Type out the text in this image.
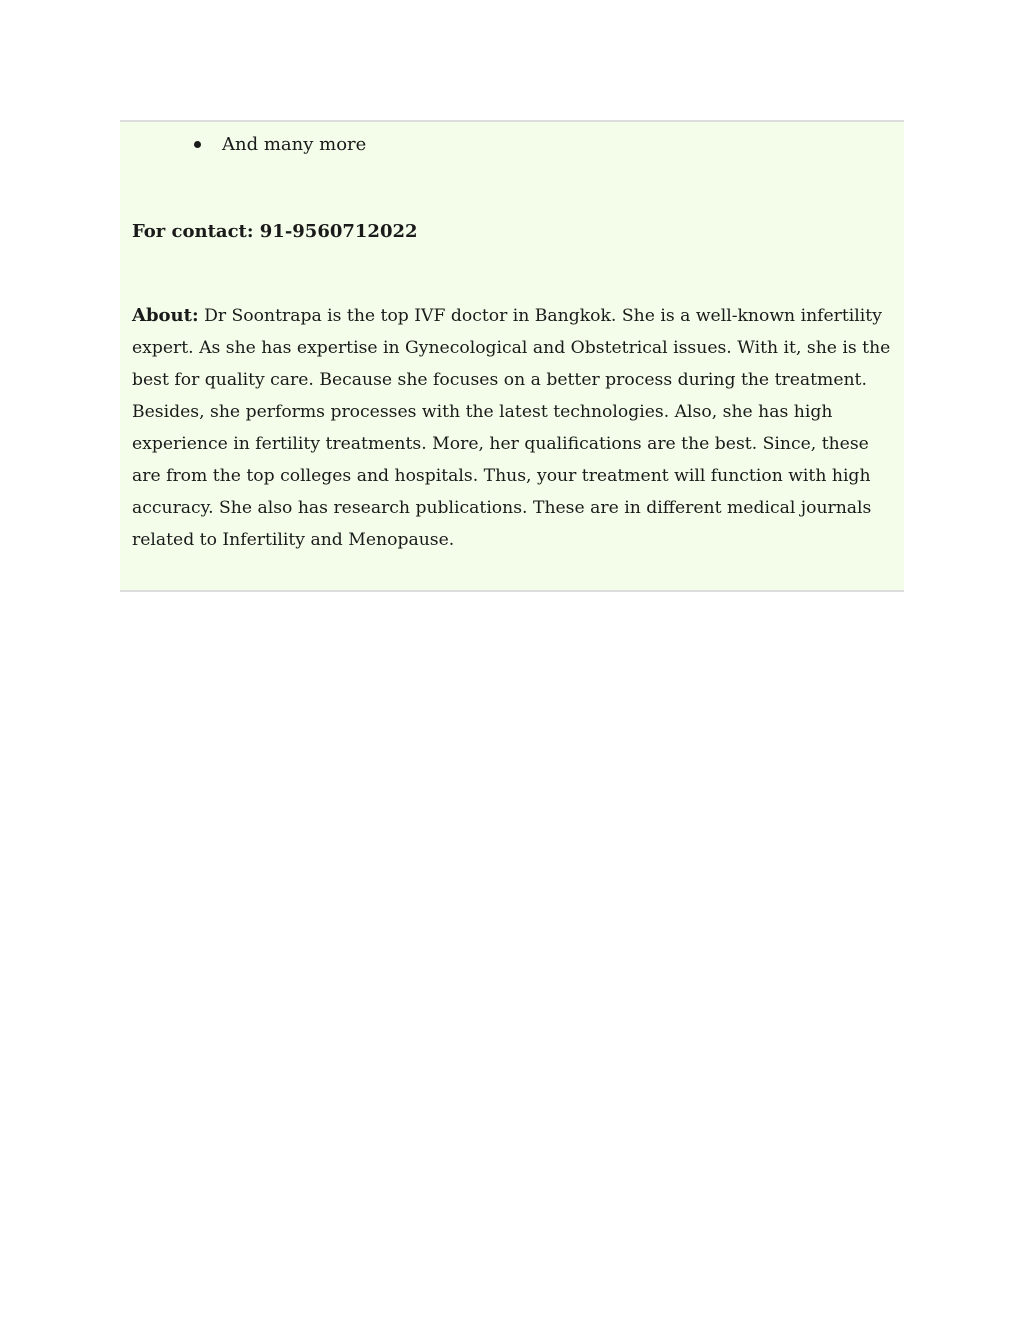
And many more

For contact: 91-9560712022

About: Dr Soontrapa is the top IVF doctor in Bangkok. She is a well-known infertility expert. As she has expertise in Gynecological and Obstetrical issues. With it, she is the best for quality care. Because she focuses on a better process during the treatment. Besides, she performs processes with the latest technologies. Also, she has high experience in fertility treatments. More, her qualifications are the best. Since, these are from the top colleges and hospitals. Thus, your treatment will function with high accuracy. She also has research publications. These are in different medical journals related to Infertility and Menopause.
